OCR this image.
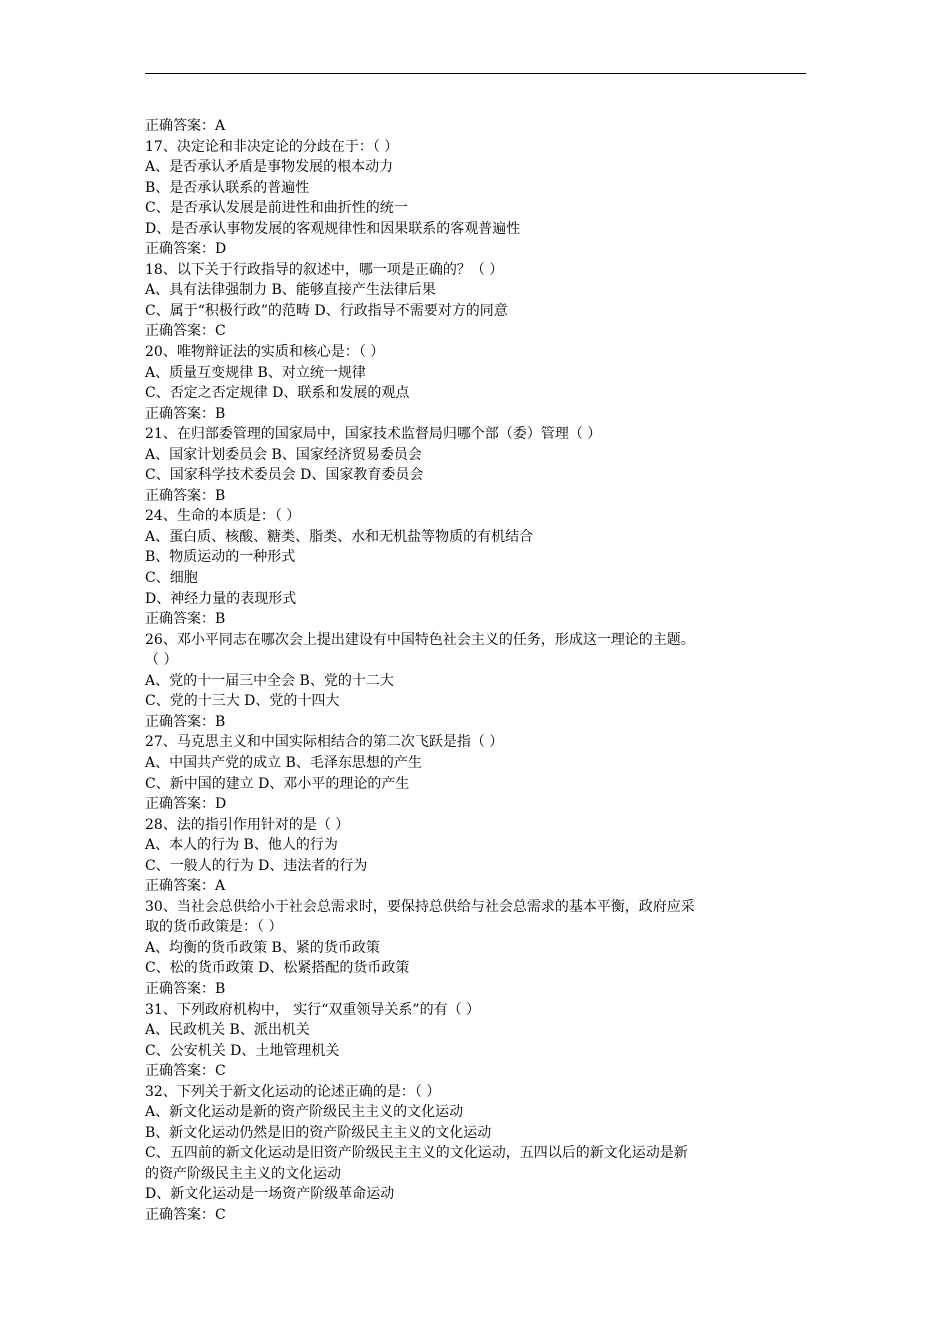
正确答案：A
17、决定论和非决定论的分歧在于：（ ）
A、是否承认矛盾是事物发展的根本动力
B、是否承认联系的普遍性
C、是否承认发展是前进性和曲折性的统一
D、是否承认事物发展的客观规律性和因果联系的客观普遍性
正确答案：D
18、以下关于行政指导的叙述中，哪一项是正确的？（ ）
A、具有法律强制力 B、能够直接产生法律后果
C、属于“积极行政”的范畴 D、行政指导不需要对方的同意
正确答案：C
20、唯物辩证法的实质和核心是：（ ）
A、质量互变规律 B、对立统一规律
C、否定之否定规律 D、联系和发展的观点
正确答案：B
21、在归部委管理的国家局中，国家技术监督局归哪个部（委）管理（ ）
A、国家计划委员会 B、国家经济贸易委员会
C、国家科学技术委员会 D、国家教育委员会
正确答案：B
24、生命的本质是：（ ）
A、蛋白质、核酸、糖类、脂类、水和无机盐等物质的有机结合
B、物质运动的一种形式
C、细胞
D、神经力量的表现形式
正确答案：B
26、邓小平同志在哪次会上提出建设有中国特色社会主义的任务，形成这一理论的主题。
（ ）
A、党的十一届三中全会 B、党的十二大
C、党的十三大 D、党的十四大
正确答案：B
27、马克思主义和中国实际相结合的第二次飞跃是指（ ）
A、中国共产党的成立 B、毛泽东思想的产生
C、新中国的建立 D、邓小平的理论的产生
正确答案：D
28、法的指引作用针对的是（ ）
A、本人的行为 B、他人的行为
C、一般人的行为 D、违法者的行为
正确答案：A
30、当社会总供给小于社会总需求时，要保持总供给与社会总需求的基本平衡，政府应采
取的货币政策是：（ ）
A、均衡的货币政策 B、紧的货币政策
C、松的货币政策 D、松紧搭配的货币政策
正确答案：B
31、下列政府机构中， 实行“双重领导关系”的有（ ）
A、民政机关 B、派出机关
C、公安机关 D、土地管理机关
正确答案：C
32、下列关于新文化运动的论述正确的是：（ ）
A、新文化运动是新的资产阶级民主主义的文化运动
B、新文化运动仍然是旧的资产阶级民主主义的文化运动
C、五四前的新文化运动是旧资产阶级民主主义的文化运动，五四以后的新文化运动是新
的资产阶级民主主义的文化运动
D、新文化运动是一场资产阶级革命运动
正确答案：C
